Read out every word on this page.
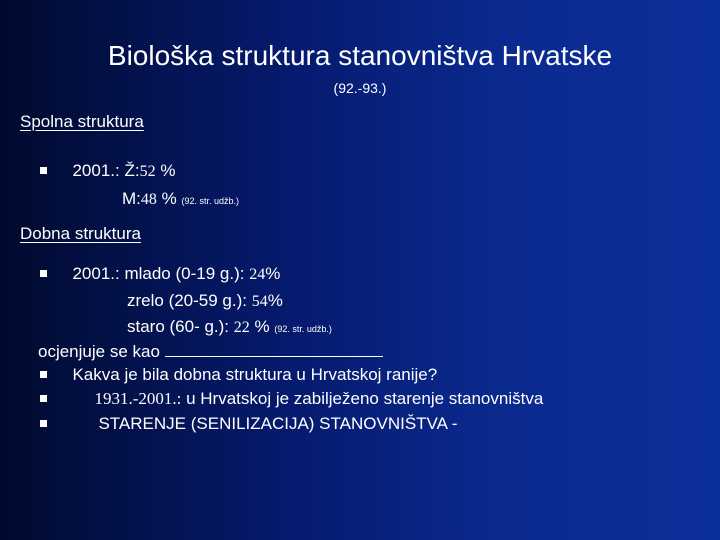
Biološka struktura stanovništva Hrvatske
(92.-93.)
Spolna struktura
2001.: Ž:52 %
M:48 % (92. str. udžb.)
Dobna struktura
2001.: mlado (0-19 g.): 24%
zrelo (20-59 g.): 54%
staro (60- g.): 22 % (92. str. udžb.)
ocjenjuje se kao
Kakva je bila dobna struktura u Hrvatskoj ranije?
1931.-2001.: u Hrvatskoj je zabilježeno starenje stanovništva
STARENJE (SENILIZACIJA) STANOVNIŠTVA -
